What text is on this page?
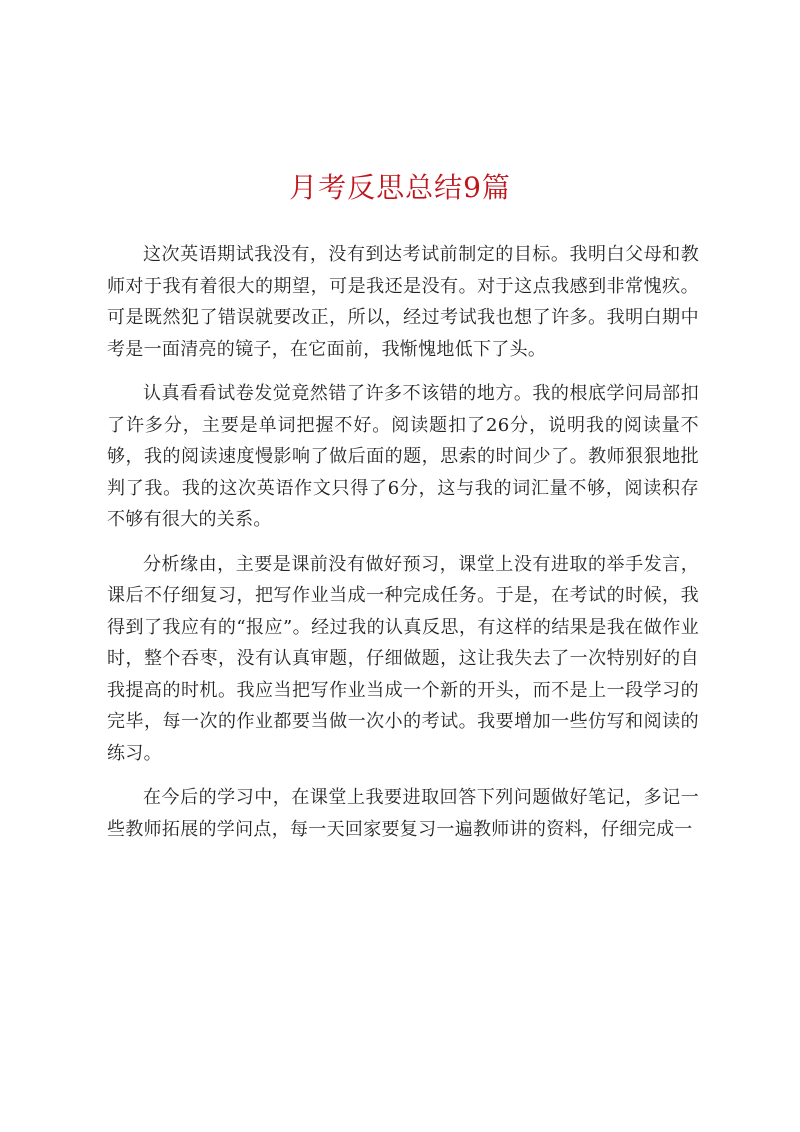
月考反思总结9篇

这次英语期试我没有，没有到达考试前制定的目标。我明白父母和教师对于我有着很大的期望，可是我还是没有。对于这点我感到非常愧疚。可是既然犯了错误就要改正，所以，经过考试我也想了许多。我明白期中考是一面清亮的镜子，在它面前，我惭愧地低下了头。

认真看看试卷发觉竟然错了许多不该错的地方。我的根底学问局部扣了许多分，主要是单词把握不好。阅读题扣了26分，说明我的阅读量不够，我的阅读速度慢影响了做后面的题，思索的时间少了。教师狠狠地批判了我。我的这次英语作文只得了6分，这与我的词汇量不够，阅读积存不够有很大的关系。

分析缘由，主要是课前没有做好预习，课堂上没有进取的举手发言，课后不仔细复习，把写作业当成一种完成任务。于是，在考试的时候，我得到了我应有的“报应”。经过我的认真反思，有这样的结果是我在做作业时，整个吞枣，没有认真审题，仔细做题，这让我失去了一次特别好的自我提高的时机。我应当把写作业当成一个新的开头，而不是上一段学习的完毕，每一次的作业都要当做一次小的考试。我要增加一些仿写和阅读的练习。

在今后的学习中，在课堂上我要进取回答下列问题做好笔记，多记一些教师拓展的学问点，每一天回家要复习一遍教师讲的资料，仔细完成一
